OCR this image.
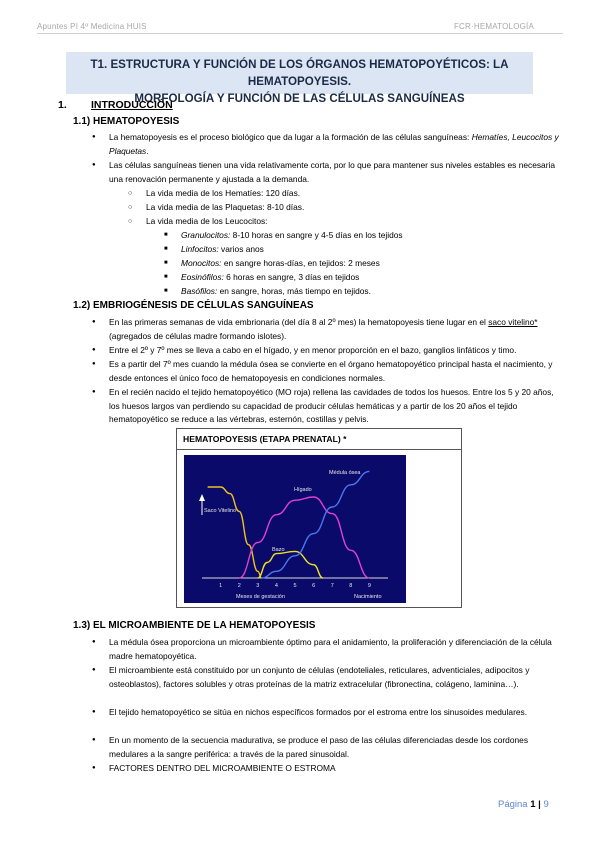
Apuntes PI 4º Medicina HUIS	FCR·HEMATOLOGÍA
T1. ESTRUCTURA Y FUNCIÓN DE LOS ÓRGANOS HEMATOPOYÉTICOS: LA HEMATOPOYESIS.
MORFOLOGÍA Y FUNCIÓN DE LAS CÉLULAS SANGUÍNEAS
1. INTRODUCCIÓN
1.1) HEMATOPOYESIS
● La hematopoyesis es el proceso biológico que da lugar a la formación de las células sanguíneas: Hematíes, Leucocitos y Plaquetas.
● Las células sanguíneas tienen una vida relativamente corta, por lo que para mantener sus niveles estables es necesaria una renovación permanente y ajustada a la demanda.
○ La vida media de los Hematíes: 120 días.
○ La vida media de las Plaquetas: 8-10 días.
○ La vida media de los Leucocitos:
■ Granulocitos: 8-10 horas en sangre y 4-5 días en los tejidos
■ Linfocitos: varios anos
■ Monocitos: en sangre horas-días, en tejidos: 2 meses
■ Eosinófilos: 6 horas en sangre, 3 días en tejidos
■ Basófilos: en sangre, horas, más tiempo en tejidos.
1.2) EMBRIOGÉNESIS DE CÉLULAS SANGUÍNEAS
● En las primeras semanas de vida embrionaria (del día 8 al 2º mes) la hematopoyesis tiene lugar en el saco vitelino* (agregados de células madre formando islotes).
● Entre el 2º y 7º mes se lleva a cabo en el hígado, y en menor proporción en el bazo, ganglios linfáticos y timo.
● Es a partir del 7º mes cuando la médula ósea se convierte en el órgano hematopoyético principal hasta el nacimiento, y desde entonces el único foco de hematopoyesis en condiciones normales.
● En el recién nacido el tejido hematopoyético (MO roja) rellena las cavidades de todos los huesos. Entre los 5 y 20 años, los huesos largos van perdiendo su capacidad de producir células hemáticas y a partir de los 20 años el tejido hematopoyético se reduce a las vértebras, esternón, costillas y pelvis.
HEMATOPOYESIS (ETAPA PRENATAL) *
1	2	3	4	5	6	7	8	9
Saco Vitelino
Hígado
Bazo
Médula ósea
Meses de gestación	Nacimiento
1.3) EL MICROAMBIENTE DE LA HEMATOPOYESIS
● La médula ósea proporciona un microambiente óptimo para el anidamiento, la proliferación y diferenciación de la célula madre hematopoyética.
● El microambiente está constituido por un conjunto de células (endoteliales, reticulares, adventiciales, adipocitos y osteoblastos), factores solubles y otras proteínas de la matriz extracelular (fibronectina, colágeno, laminina…).
● El tejido hematopoyético se sitúa en nichos específicos formados por el estroma entre los sinusoides medulares.
● En un momento de la secuencia madurativa, se produce el paso de las células diferenciadas desde los cordones medulares a la sangre periférica: a través de la pared sinusoidal.
● FACTORES DENTRO DEL MICROAMBIENTE O ESTROMA
Página 1 | 9
